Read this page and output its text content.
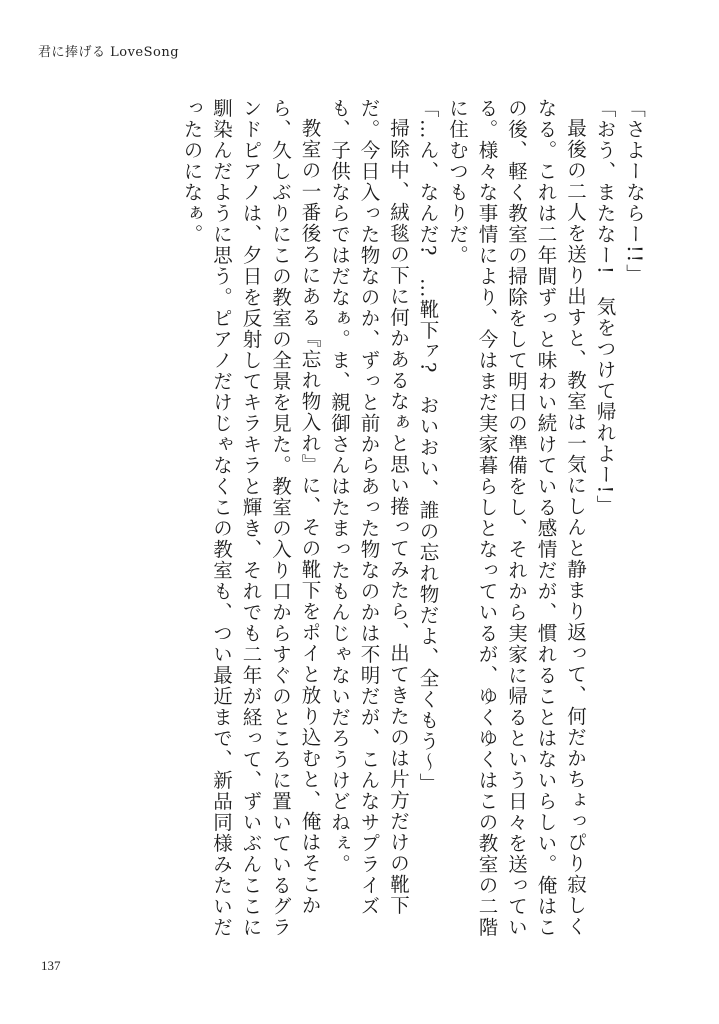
君に捧げる LoveSong

「さよーならー!!」

「おう、またなー!　気をつけて帰れよー!」

最後の二人を送り出すと、教室は一気にしんと静まり返って、何だかちょっぴり寂しくなる。これは二年間ずっと味わい続けている感情だが、慣れることはないらしい。俺はこの後、軽く教室の掃除をして明日の準備をし、それから実家に帰るという日々を送っている。様々な事情により、今はまだ実家暮らしとなっているが、ゆくゆくはこの教室の二階に住むつもりだ。

「…ん、なんだ?　…靴下ァ?　おいおい、誰の忘れ物だよ、全くもう〜」

掃除中、絨毯の下に何かあるなぁと思い捲ってみたら、出てきたのは片方だけの靴下だ。今日入った物なのか、ずっと前からあった物なのかは不明だが、こんなサプライズも、子供ならではだなぁ。ま、親御さんはたまったもんじゃないだろうけどねぇ。

教室の一番後ろにある『忘れ物入れ』に、その靴下をポイと放り込むと、俺はそこから、久しぶりにこの教室の全景を見た。教室の入り口からすぐのところに置いているグランドピアノは、夕日を反射してキラキラと輝き、それでも二年が経って、ずいぶんここに馴染んだように思う。ピアノだけじゃなくこの教室も、つい最近まで、新品同様みたいだったのになぁ。

137
